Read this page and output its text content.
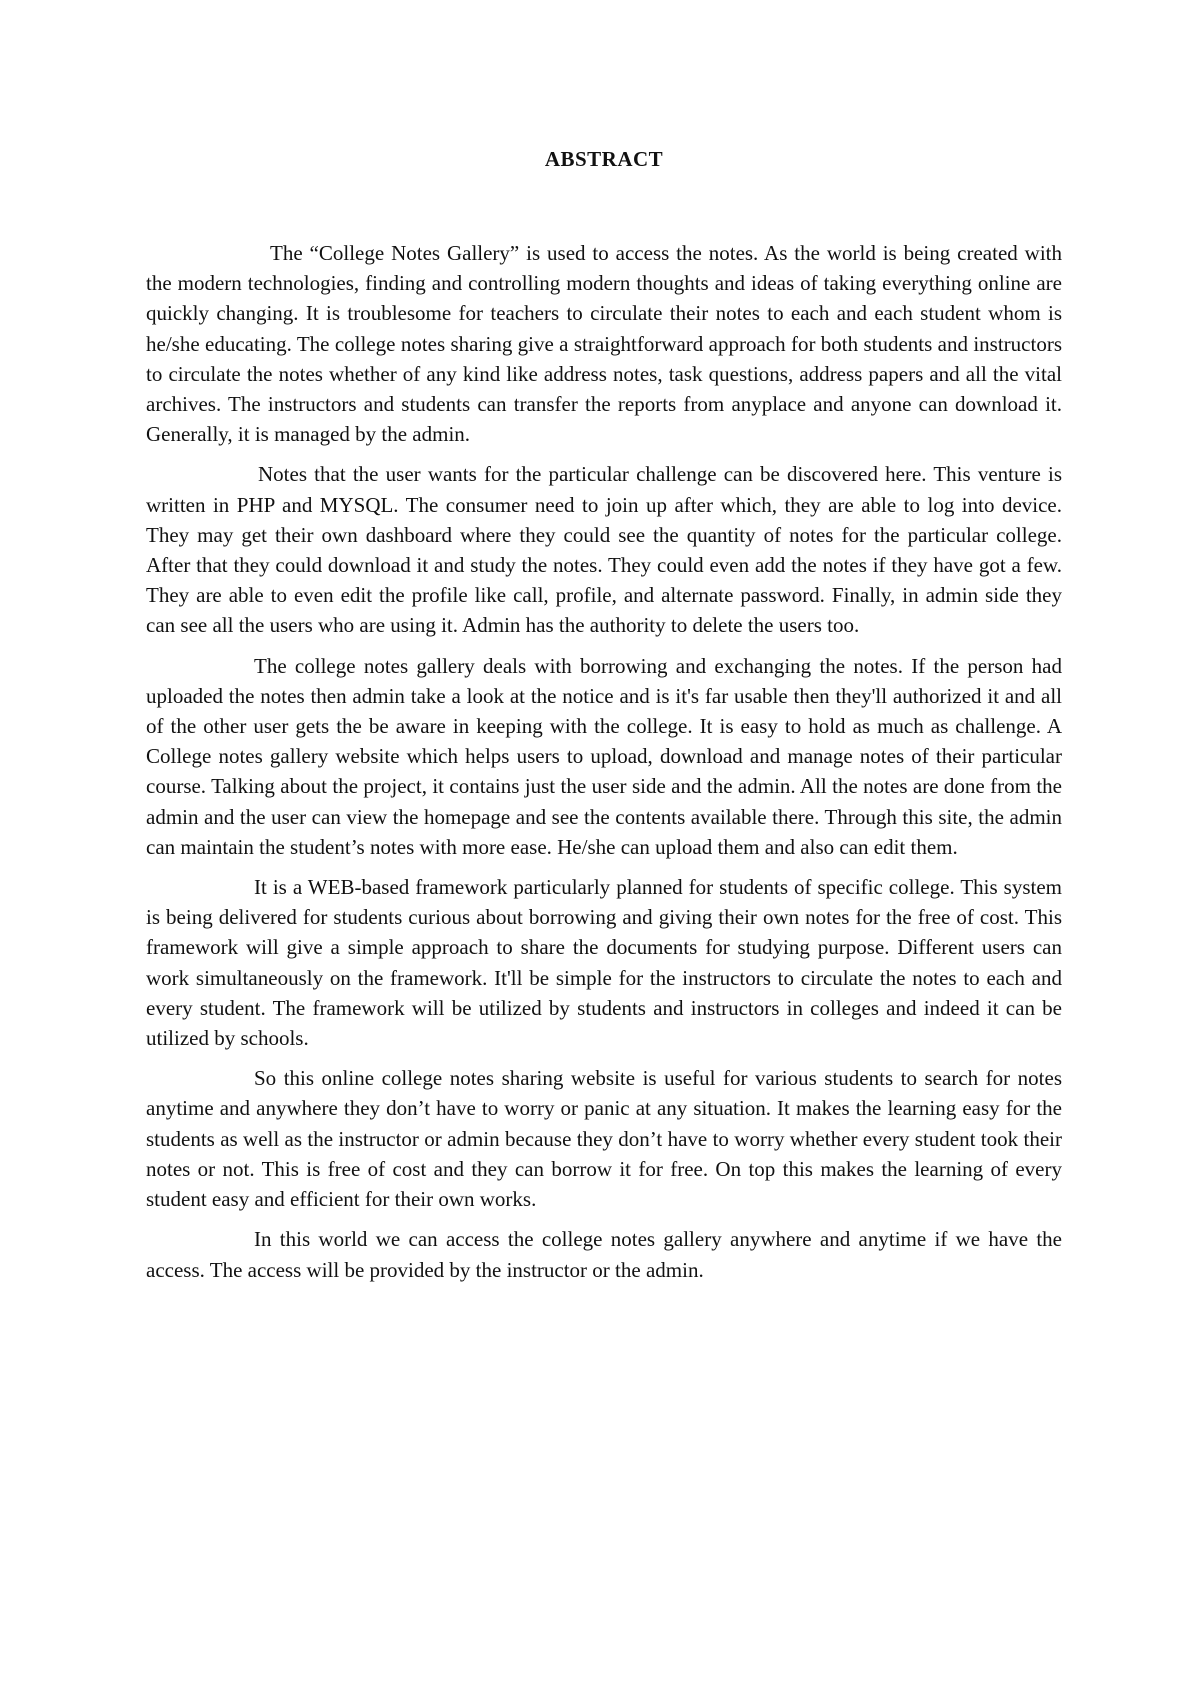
ABSTRACT

The “College Notes Gallery” is used to access the notes. As the world is being created with the modern technologies, finding and controlling modern thoughts and ideas of taking everything online are quickly changing. It is troublesome for teachers to circulate their notes to each and each student whom is he/she educating. The college notes sharing give a straightforward approach for both students and instructors to circulate the notes whether of any kind like address notes, task questions, address papers and all the vital archives. The instructors and students can transfer the reports from anyplace and anyone can download it. Generally, it is managed by the admin.

Notes that the user wants for the particular challenge can be discovered here. This venture is written in PHP and MYSQL. The consumer need to join up after which, they are able to log into device. They may get their own dashboard where they could see the quantity of notes for the particular college. After that they could download it and study the notes. They could even add the notes if they have got a few. They are able to even edit the profile like call, profile, and alternate password. Finally, in admin side they can see all the users who are using it. Admin has the authority to delete the users too.

The college notes gallery deals with borrowing and exchanging the notes. If the person had uploaded the notes then admin take a look at the notice and is it's far usable then they'll authorized it and all of the other user gets the be aware in keeping with the college. It is easy to hold as much as challenge. A College notes gallery website which helps users to upload, download and manage notes of their particular course. Talking about the project, it contains just the user side and the admin. All the notes are done from the admin and the user can view the homepage and see the contents available there. Through this site, the admin can maintain the student’s notes with more ease. He/she can upload them and also can edit them.

It is a WEB-based framework particularly planned for students of specific college. This system is being delivered for students curious about borrowing and giving their own notes for the free of cost. This framework will give a simple approach to share the documents for studying purpose. Different users can work simultaneously on the framework. It'll be simple for the instructors to circulate the notes to each and every student. The framework will be utilized by students and instructors in colleges and indeed it can be utilized by schools.

So this online college notes sharing website is useful for various students to search for notes anytime and anywhere they don’t have to worry or panic at any situation. It makes the learning easy for the students as well as the instructor or admin because they don’t have to worry whether every student took their notes or not. This is free of cost and they can borrow it for free. On top this makes the learning of every student easy and efficient for their own works.

In this world we can access the college notes gallery anywhere and anytime if we have the access. The access will be provided by the instructor or the admin.
